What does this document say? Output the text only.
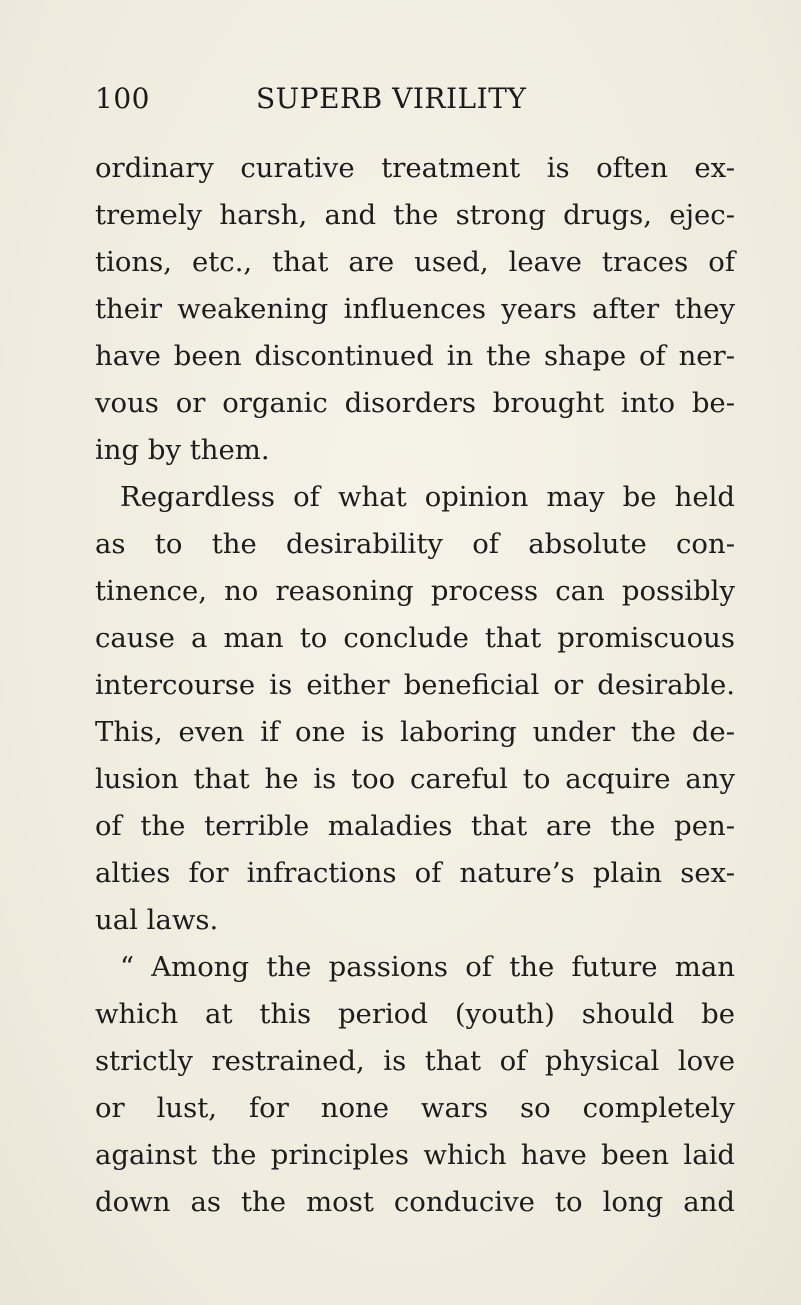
100	SUPERB VIRILITY
ordinary curative treatment is often ex-
tremely harsh, and the strong drugs, ejec-
tions, etc., that are used, leave traces of
their weakening influences years after they
have been discontinued in the shape of ner-
vous or organic disorders brought into be-
ing by them.
Regardless of what opinion may be held
as to the desirability of absolute con-
tinence, no reasoning process can possibly
cause a man to conclude that promiscuous
intercourse is either beneficial or desirable.
This, even if one is laboring under the de-
lusion that he is too careful to acquire any
of the terrible maladies that are the pen-
alties for infractions of nature’s plain sex-
ual laws.
“ Among the passions of the future man
which at this period (youth) should be
strictly restrained, is that of physical love
or lust, for none wars so completely
against the principles which have been laid
down as the most conducive to long and
